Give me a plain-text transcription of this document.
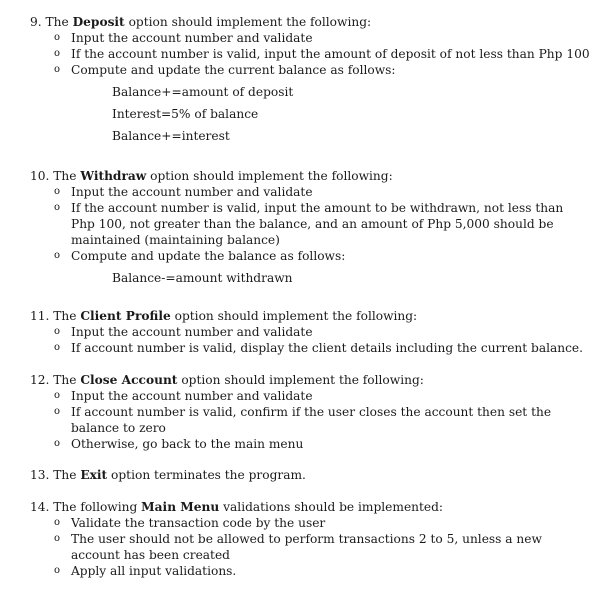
9. The Deposit option should implement the following:
o Input the account number and validate
o If the account number is valid, input the amount of deposit of not less than Php 100
o Compute and update the current balance as follows:
Balance+=amount of deposit
Interest=5% of balance
Balance+=interest
10. The Withdraw option should implement the following:
o Input the account number and validate
o If the account number is valid, input the amount to be withdrawn, not less than Php 100, not greater than the balance, and an amount of Php 5,000 should be maintained (maintaining balance)
o Compute and update the balance as follows:
Balance-=amount withdrawn
11. The Client Profile option should implement the following:
o Input the account number and validate
o If account number is valid, display the client details including the current balance.
12. The Close Account option should implement the following:
o Input the account number and validate
o If account number is valid, confirm if the user closes the account then set the balance to zero
o Otherwise, go back to the main menu
13. The Exit option terminates the program.
14. The following Main Menu validations should be implemented:
o Validate the transaction code by the user
o The user should not be allowed to perform transactions 2 to 5, unless a new account has been created
o Apply all input validations.
